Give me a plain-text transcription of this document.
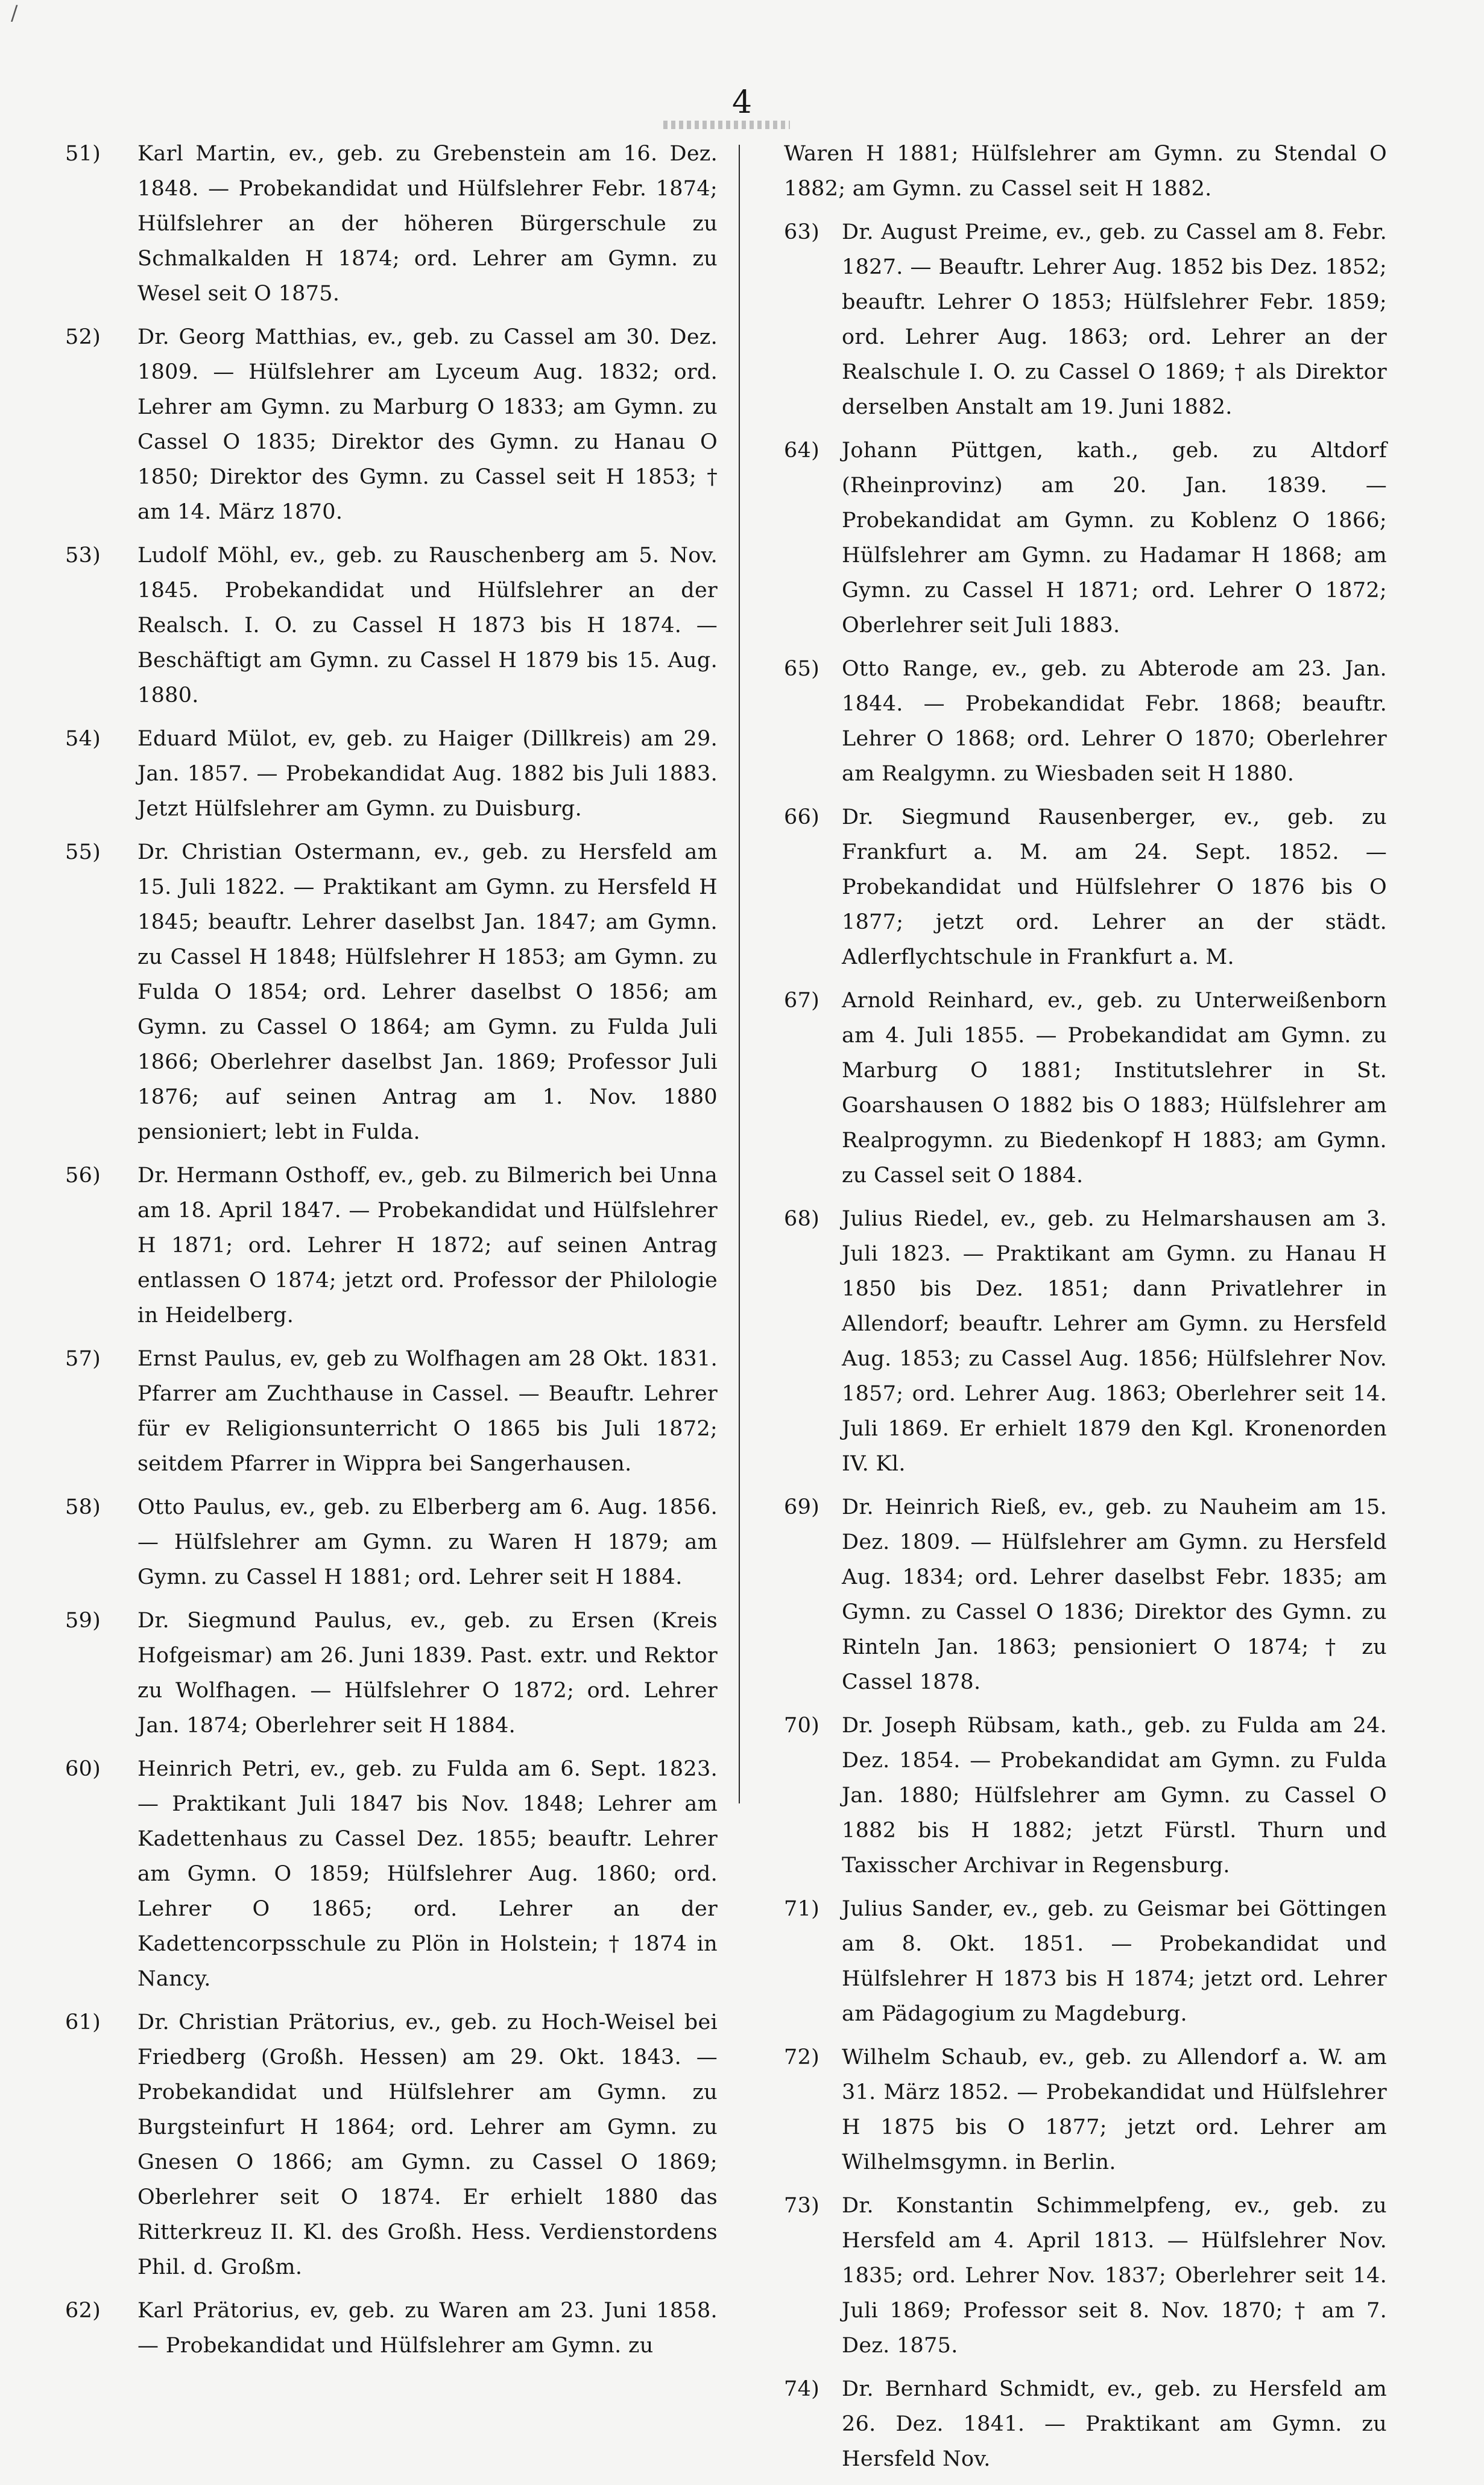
/
4

51) Karl Martin, ev., geb. zu Grebenstein am 16. Dez. 1848. — Probekandidat und Hülfslehrer Febr. 1874; Hülfslehrer an der höheren Bürgerschule zu Schmalkalden H 1874; ord. Lehrer am Gymn. zu Wesel seit O 1875.

52) Dr. Georg Matthias, ev., geb. zu Cassel am 30. Dez. 1809. — Hülfslehrer am Lyceum Aug. 1832; ord. Lehrer am Gymn. zu Marburg O 1833; am Gymn. zu Cassel O 1835; Direktor des Gymn. zu Hanau O 1850; Direktor des Gymn. zu Cassel seit H 1853; † am 14. März 1870.

53) Ludolf Möhl, ev., geb. zu Rauschenberg am 5. Nov. 1845. Probekandidat und Hülfslehrer an der Realsch. I. O. zu Cassel H 1873 bis H 1874. — Beschäftigt am Gymn. zu Cassel H 1879 bis 15. Aug. 1880.

54) Eduard Mülot, ev, geb. zu Haiger (Dillkreis) am 29. Jan. 1857. — Probekandidat Aug. 1882 bis Juli 1883. Jetzt Hülfslehrer am Gymn. zu Duisburg.

55) Dr. Christian Ostermann, ev., geb. zu Hersfeld am 15. Juli 1822. — Praktikant am Gymn. zu Hersfeld H 1845; beauftr. Lehrer daselbst Jan. 1847; am Gymn. zu Cassel H 1848; Hülfslehrer H 1853; am Gymn. zu Fulda O 1854; ord. Lehrer daselbst O 1856; am Gymn. zu Cassel O 1864; am Gymn. zu Fulda Juli 1866; Oberlehrer daselbst Jan. 1869; Professor Juli 1876; auf seinen Antrag am 1. Nov. 1880 pensioniert; lebt in Fulda.

56) Dr. Hermann Osthoff, ev., geb. zu Bilmerich bei Unna am 18. April 1847. — Probekandidat und Hülfslehrer H 1871; ord. Lehrer H 1872; auf seinen Antrag entlassen O 1874; jetzt ord. Professor der Philologie in Heidelberg.

57) Ernst Paulus, ev, geb zu Wolfhagen am 28 Okt. 1831. Pfarrer am Zuchthause in Cassel. — Beauftr. Lehrer für ev Religionsunterricht O 1865 bis Juli 1872; seitdem Pfarrer in Wippra bei Sangerhausen.

58) Otto Paulus, ev., geb. zu Elberberg am 6. Aug. 1856. — Hülfslehrer am Gymn. zu Waren H 1879; am Gymn. zu Cassel H 1881; ord. Lehrer seit H 1884.

59) Dr. Siegmund Paulus, ev., geb. zu Ersen (Kreis Hofgeismar) am 26. Juni 1839. Past. extr. und Rektor zu Wolfhagen. — Hülfslehrer O 1872; ord. Lehrer Jan. 1874; Oberlehrer seit H 1884.

60) Heinrich Petri, ev., geb. zu Fulda am 6. Sept. 1823. — Praktikant Juli 1847 bis Nov. 1848; Lehrer am Kadettenhaus zu Cassel Dez. 1855; beauftr. Lehrer am Gymn. O 1859; Hülfslehrer Aug. 1860; ord. Lehrer O 1865; ord. Lehrer an der Kadettencorpsschule zu Plön in Holstein; † 1874 in Nancy.

61) Dr. Christian Prätorius, ev., geb. zu Hoch-Weisel bei Friedberg (Großh. Hessen) am 29. Okt. 1843. — Probekandidat und Hülfslehrer am Gymn. zu Burgsteinfurt H 1864; ord. Lehrer am Gymn. zu Gnesen O 1866; am Gymn. zu Cassel O 1869; Oberlehrer seit O 1874. Er erhielt 1880 das Ritterkreuz II. Kl. des Großh. Hess. Verdienstordens Phil. d. Großm.

62) Karl Prätorius, ev, geb. zu Waren am 23. Juni 1858. — Probekandidat und Hülfslehrer am Gymn. zu

Waren H 1881; Hülfslehrer am Gymn. zu Stendal O 1882; am Gymn. zu Cassel seit H 1882.

63) Dr. August Preime, ev., geb. zu Cassel am 8. Febr. 1827. — Beauftr. Lehrer Aug. 1852 bis Dez. 1852; beauftr. Lehrer O 1853; Hülfslehrer Febr. 1859; ord. Lehrer Aug. 1863; ord. Lehrer an der Realschule I. O. zu Cassel O 1869; † als Direktor derselben Anstalt am 19. Juni 1882.

64) Johann Püttgen, kath., geb. zu Altdorf (Rheinprovinz) am 20. Jan. 1839. — Probekandidat am Gymn. zu Koblenz O 1866; Hülfslehrer am Gymn. zu Hadamar H 1868; am Gymn. zu Cassel H 1871; ord. Lehrer O 1872; Oberlehrer seit Juli 1883.

65) Otto Range, ev., geb. zu Abterode am 23. Jan. 1844. — Probekandidat Febr. 1868; beauftr. Lehrer O 1868; ord. Lehrer O 1870; Oberlehrer am Realgymn. zu Wiesbaden seit H 1880.

66) Dr. Siegmund Rausenberger, ev., geb. zu Frankfurt a. M. am 24. Sept. 1852. — Probekandidat und Hülfslehrer O 1876 bis O 1877; jetzt ord. Lehrer an der städt. Adlerflychtschule in Frankfurt a. M.

67) Arnold Reinhard, ev., geb. zu Unterweißenborn am 4. Juli 1855. — Probekandidat am Gymn. zu Marburg O 1881; Institutslehrer in St. Goarshausen O 1882 bis O 1883; Hülfslehrer am Realprogymn. zu Biedenkopf H 1883; am Gymn. zu Cassel seit O 1884.

68) Julius Riedel, ev., geb. zu Helmarshausen am 3. Juli 1823. — Praktikant am Gymn. zu Hanau H 1850 bis Dez. 1851; dann Privatlehrer in Allendorf; beauftr. Lehrer am Gymn. zu Hersfeld Aug. 1853; zu Cassel Aug. 1856; Hülfslehrer Nov. 1857; ord. Lehrer Aug. 1863; Oberlehrer seit 14. Juli 1869. Er erhielt 1879 den Kgl. Kronenorden IV. Kl.

69) Dr. Heinrich Rieß, ev., geb. zu Nauheim am 15. Dez. 1809. — Hülfslehrer am Gymn. zu Hersfeld Aug. 1834; ord. Lehrer daselbst Febr. 1835; am Gymn. zu Cassel O 1836; Direktor des Gymn. zu Rinteln Jan. 1863; pensioniert O 1874; † zu Cassel 1878.

70) Dr. Joseph Rübsam, kath., geb. zu Fulda am 24. Dez. 1854. — Probekandidat am Gymn. zu Fulda Jan. 1880; Hülfslehrer am Gymn. zu Cassel O 1882 bis H 1882; jetzt Fürstl. Thurn und Taxisscher Archivar in Regensburg.

71) Julius Sander, ev., geb. zu Geismar bei Göttingen am 8. Okt. 1851. — Probekandidat und Hülfslehrer H 1873 bis H 1874; jetzt ord. Lehrer am Pädagogium zu Magdeburg.

72) Wilhelm Schaub, ev., geb. zu Allendorf a. W. am 31. März 1852. — Probekandidat und Hülfslehrer H 1875 bis O 1877; jetzt ord. Lehrer am Wilhelmsgymn. in Berlin.

73) Dr. Konstantin Schimmelpfeng, ev., geb. zu Hersfeld am 4. April 1813. — Hülfslehrer Nov. 1835; ord. Lehrer Nov. 1837; Oberlehrer seit 14. Juli 1869; Professor seit 8. Nov. 1870; † am 7. Dez. 1875.

74) Dr. Bernhard Schmidt, ev., geb. zu Hersfeld am 26. Dez. 1841. — Praktikant am Gymn. zu Hersfeld Nov.
